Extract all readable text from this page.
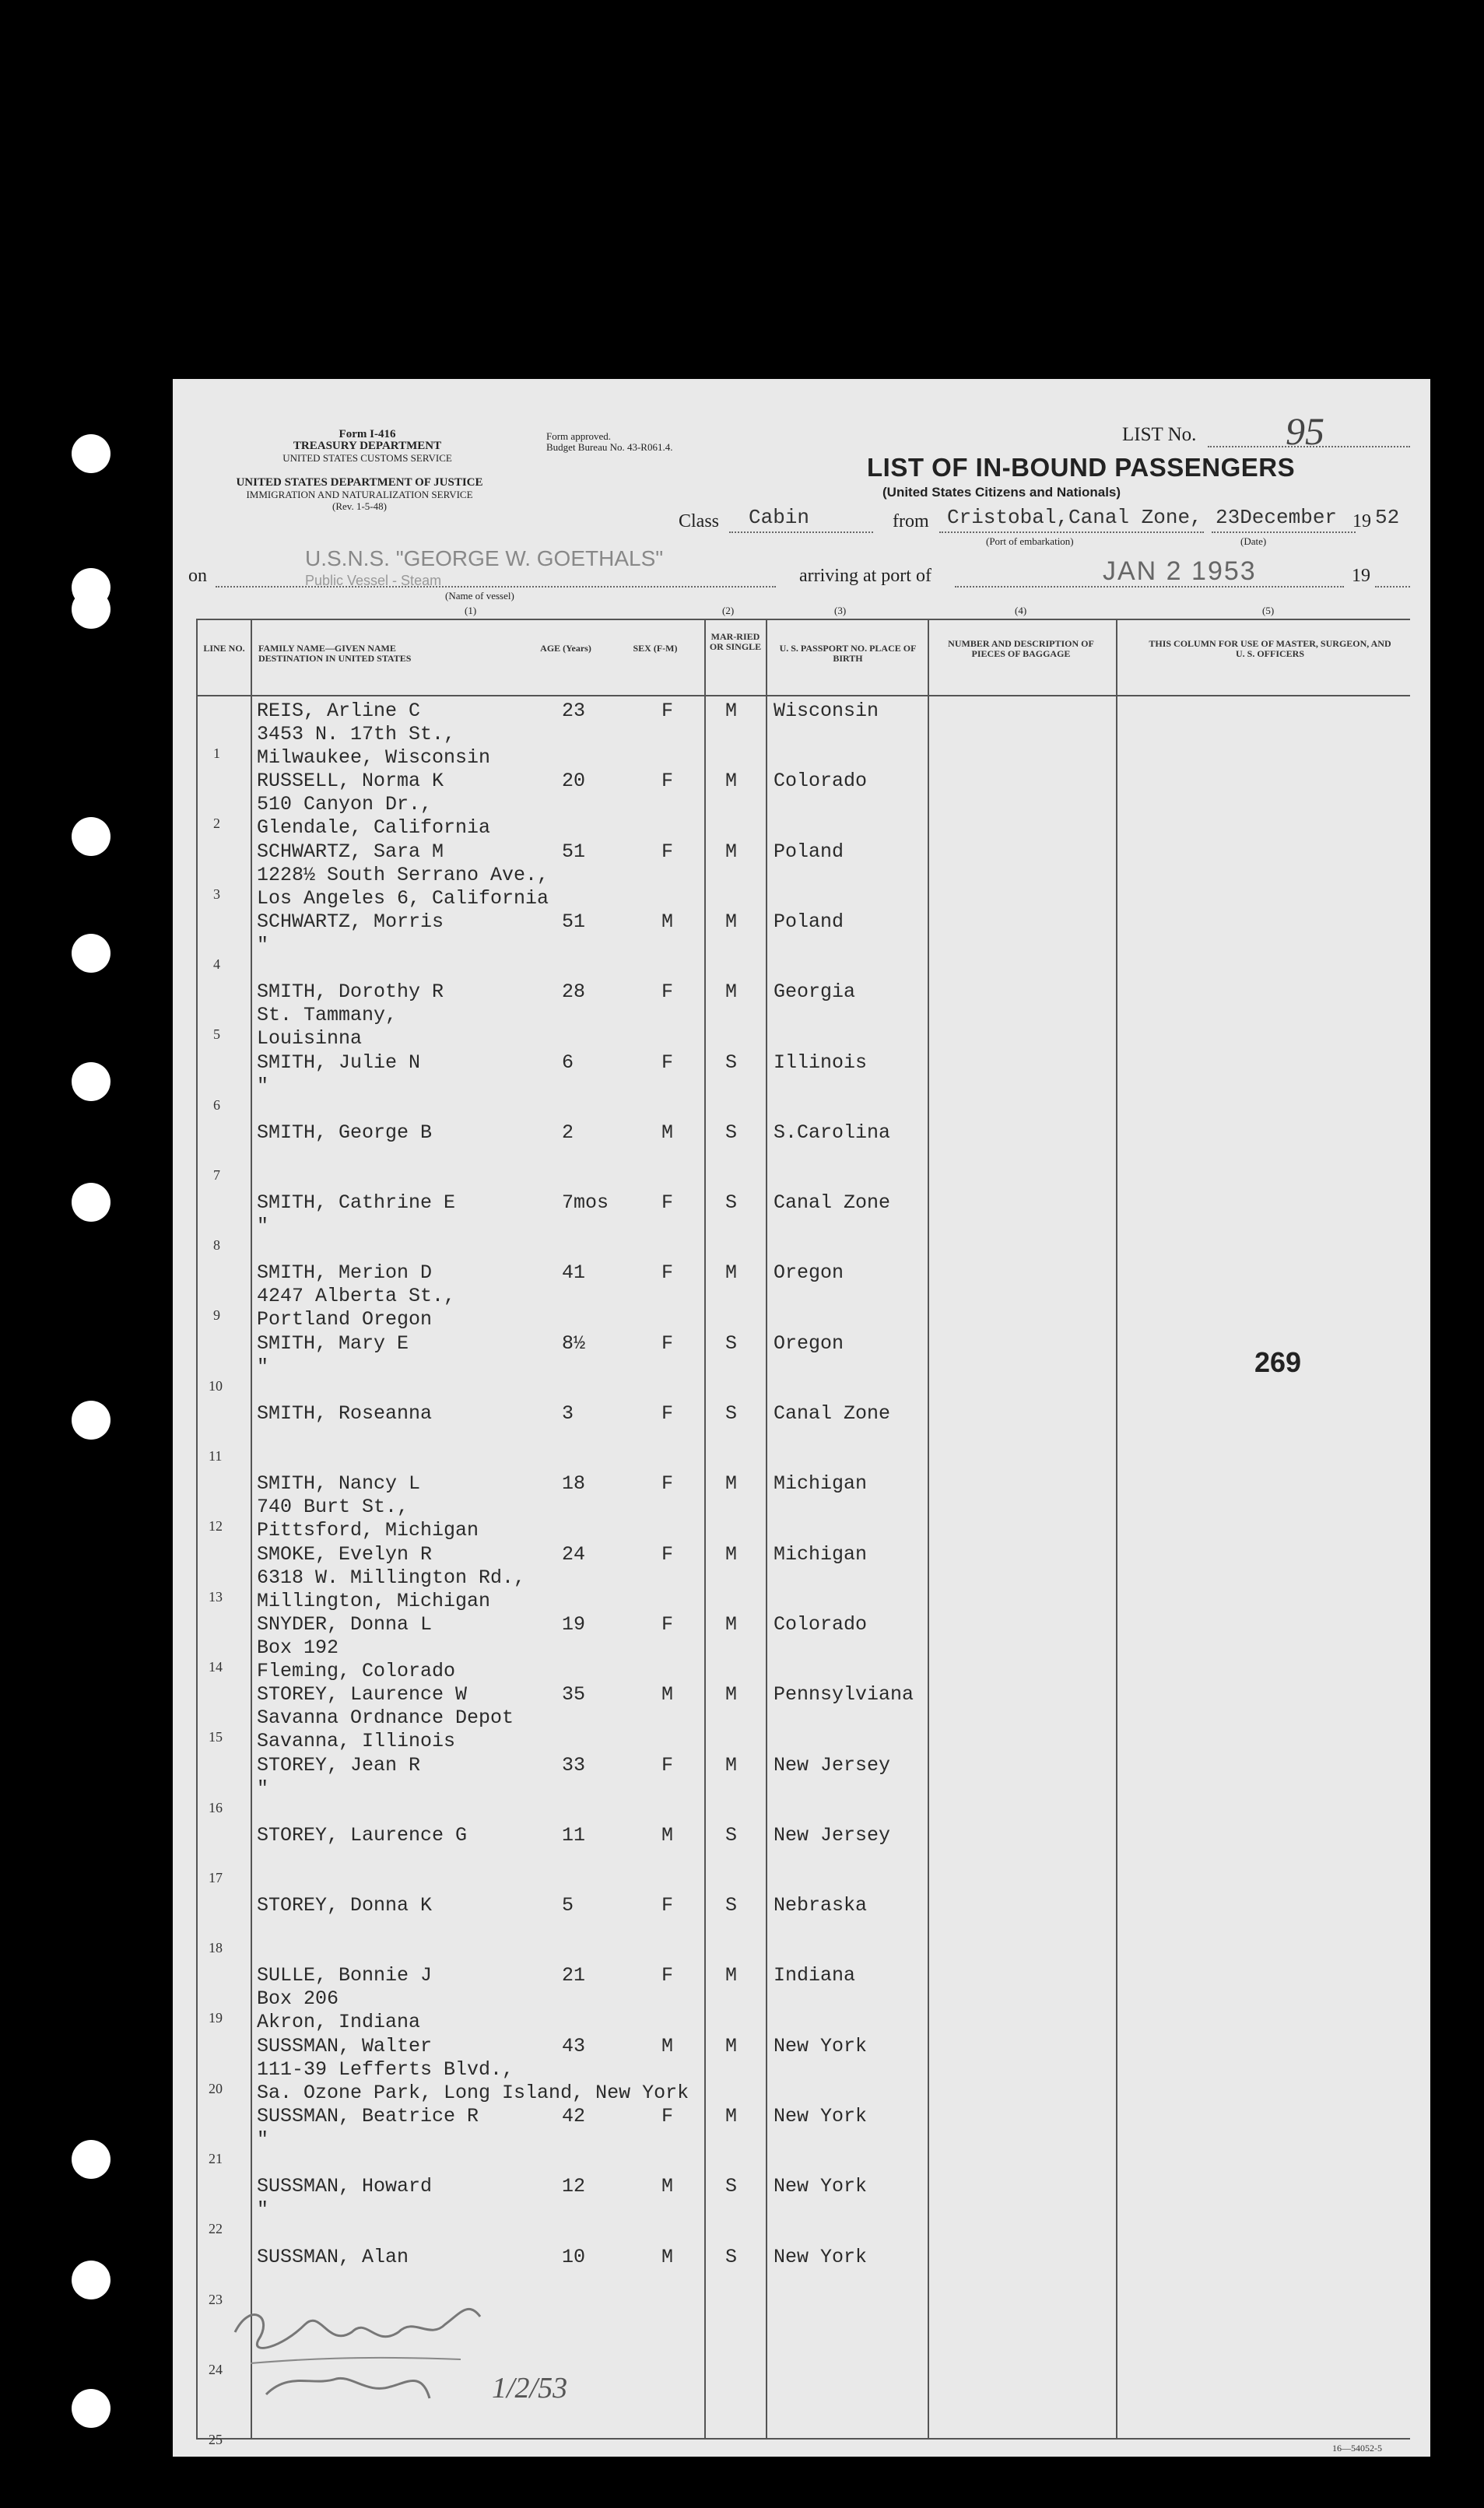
Form I-416
TREASURY DEPARTMENT
UNITED STATES CUSTOMS SERVICE
UNITED STATES DEPARTMENT OF JUSTICE
IMMIGRATION AND NATURALIZATION SERVICE
(Rev. 1-5-48)
Form approved.
Budget Bureau No. 43-R061.4.
LIST No. 95
LIST OF IN-BOUND PASSENGERS
(United States Citizens and Nationals)
Class Cabin	from Cristobal,Canal Zone, 23December 19 52
(Port of embarkation)	(Date)
on
U.S.N.S. "GEORGE W. GOETHALS"
Public Vessel - Steam
(Name of vessel)
arriving at port of	JAN 2 1953	19
(1)	(2)	(3)	(4)	(5)
LINE NO.	FAMILY NAME—GIVEN NAME DESTINATION IN UNITED STATES
AGE (Years)	SEX (F-M)
MAR-RIED OR SINGLE	U. S. PASSPORT NO. PLACE OF BIRTH
NUMBER AND DESCRIPTION OF PIECES OF BAGGAGE
THIS COLUMN FOR USE OF MASTER, SURGEON, AND U. S. OFFICERS
1
REIS, Arline C
3453 N. 17th St.,
Milwaukee, Wisconsin
23	F	M Wisconsin
2
RUSSELL, Norma K
510 Canyon Dr.,
Glendale, California
20	F	M Colorado
3
SCHWARTZ, Sara M
1228½ South Serrano Ave.,
Los Angeles 6, California
51	F	M Poland
4
SCHWARTZ, Morris
"
51	M	M Poland
5
SMITH, Dorothy R
St. Tammany,
Louisinna
28	F	M Georgia
6
SMITH, Julie N
"
6	F	S Illinois
7
SMITH, George B	2	M	S S.Carolina
8
SMITH, Cathrine E
"
7mos	F	S Canal Zone
9
SMITH, Merion D
4247 Alberta St.,
Portland Oregon
41	F	M Oregon
10
SMITH, Mary E
"
8½	F	S Oregon
11
SMITH, Roseanna	3	F	S Canal Zone
12
SMITH, Nancy L
740 Burt St.,
Pittsford, Michigan
18	F	M Michigan
13
SMOKE, Evelyn R
6318 W. Millington Rd.,
Millington, Michigan
24	F	M Michigan
14
SNYDER, Donna L
Box 192
Fleming, Colorado
19	F	M Colorado
15
STOREY, Laurence W
Savanna Ordnance Depot
Savanna, Illinois
35	M	M Pennsylviana
16
STOREY, Jean R
"
33	F	M New Jersey
17
STOREY, Laurence G	11	M	S New Jersey
18
STOREY, Donna K	5	F	S Nebraska
19
SULLE, Bonnie J
Box 206
Akron, Indiana
21	F	M Indiana
20
SUSSMAN, Walter
111-39 Lefferts Blvd.,
Sa. Ozone Park, Long Island, New York
43	M	M New York
21
SUSSMAN, Beatrice R
"
42	F	M New York
22
SUSSMAN, Howard
"
12	M	S New York
23
SUSSMAN, Alan	10	M	S New York
24
25
269
1/2/53
16—54052-5
